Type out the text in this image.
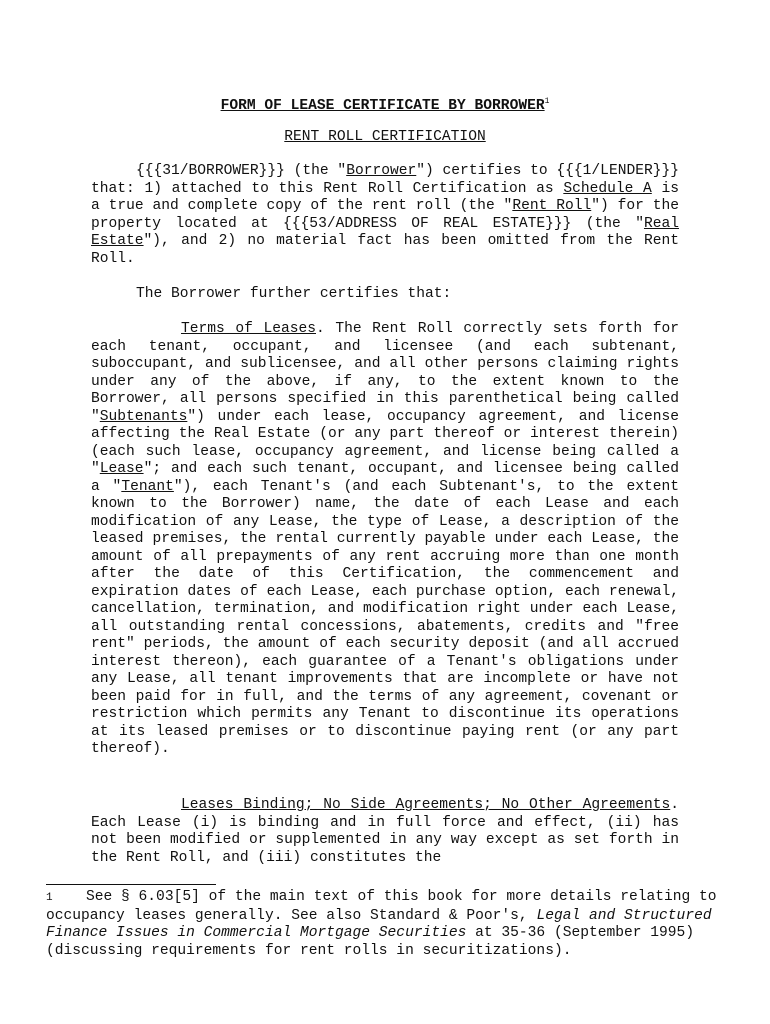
FORM OF LEASE CERTIFICATE BY BORROWER$^1$
RENT ROLL CERTIFICATION

{{{31/BORROWER}}} (the "Borrower") certifies to {{{1/LENDER}}} that: 1) attached to this Rent Roll Certification as Schedule A is a true and complete copy of the rent roll (the "Rent Roll") for the property located at {{{53/ADDRESS OF REAL ESTATE}}} (the "Real Estate"), and 2) no material fact has been omitted from the Rent Roll.

The Borrower further certifies that:

Terms of Leases. The Rent Roll correctly sets forth for each tenant, occupant, and licensee (and each subtenant, suboccupant, and sublicensee, and all other persons claiming rights under any of the above, if any, to the extent known to the Borrower, all persons specified in this parenthetical being called "Subtenants") under each lease, occupancy agreement, and license affecting the Real Estate (or any part thereof or interest therein) (each such lease, occupancy agreement, and license being called a "Lease"; and each such tenant, occupant, and licensee being called a "Tenant"), each Tenant's (and each Subtenant's, to the extent known to the Borrower) name, the date of each Lease and each modification of any Lease, the type of Lease, a description of the leased premises, the rental currently payable under each Lease, the amount of all prepayments of any rent accruing more than one month after the date of this Certification, the commencement and expiration dates of each Lease, each purchase option, each renewal, cancellation, termination, and modification right under each Lease, all outstanding rental concessions, abatements, credits and "free rent" periods, the amount of each security deposit (and all accrued interest thereon), each guarantee of a Tenant's obligations under any Lease, all tenant improvements that are incomplete or have not been paid for in full, and the terms of any agreement, covenant or restriction which permits any Tenant to discontinue its operations at its leased premises or to discontinue paying rent (or any part thereof).

Leases Binding; No Side Agreements; No Other Agreements. Each Lease (i) is binding and in full force and effect, (ii) has not been modified or supplemented in any way except as set forth in the Rent Roll, and (iii) constitutes the

1 See § 6.03[5] of the main text of this book for more details relating to occupancy leases generally. See also Standard & Poor's, Legal and Structured Finance Issues in Commercial Mortgage Securities at 35-36 (September 1995) (discussing requirements for rent rolls in securitizations).
